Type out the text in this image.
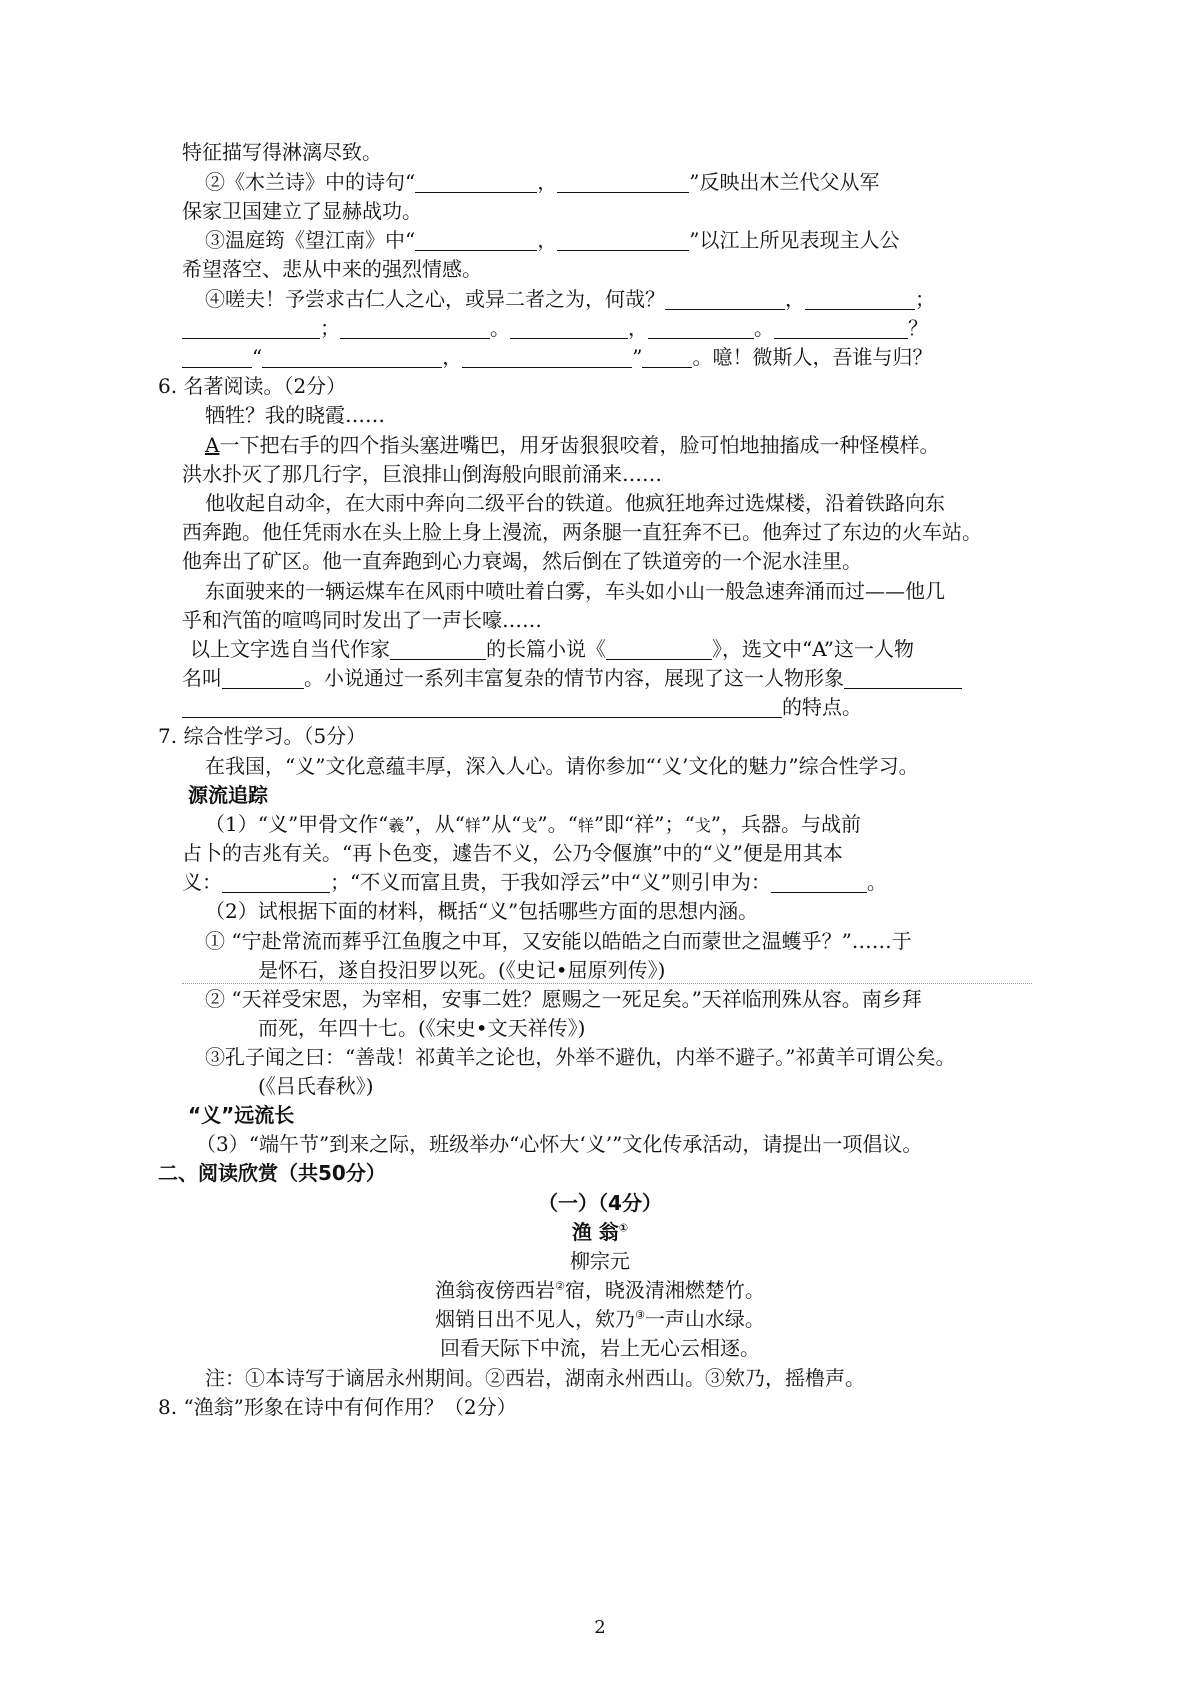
特征描写得淋漓尽致。
②《木兰诗》中的诗句“	，	”反映出木兰代父从军
保家卫国建立了显赫战功。
③温庭筠《望江南》中“	，	”以江上所见表现主人公
希望落空、悲从中来的强烈情感。
④嗟夫！予尝求古仁人之心，或异二者之为，何哉？	，	；
；	。	，	。	？
“	，	”	。噫！微斯人，吾谁与归？
6. 名著阅读。（2分）
牺牲？我的晓霞……
A一下把右手的四个指头塞进嘴巴，用牙齿狠狠咬着，脸可怕地抽搐成一种怪模样。
洪水扑灭了那几行字，巨浪排山倒海般向眼前涌来……
他收起自动伞，在大雨中奔向二级平台的铁道。他疯狂地奔过选煤楼，沿着铁路向东
西奔跑。他任凭雨水在头上脸上身上漫流，两条腿一直狂奔不已。他奔过了东边的火车站。
他奔出了矿区。他一直奔跑到心力衰竭，然后倒在了铁道旁的一个泥水洼里。
东面驶来的一辆运煤车在风雨中喷吐着白雾，车头如小山一般急速奔涌而过——他几
乎和汽笛的喧鸣同时发出了一声长嚎……
以上文字选自当代作家	的长篇小说《	》，选文中“A”这一人物
名叫	。小说通过一系列丰富复杂的情节内容，展现了这一人物形象
的特点。
7. 综合性学习。（5分）
在我国，“义”文化意蕴丰厚，深入人心。请你参加“‘义’文化的魅力”综合性学习。
源流追踪
（1）“义”甲骨文作“羲”，从“䍧”从“戈”。“䍧”即“祥”；“戈”，兵器。与战前
占卜的吉兆有关。“再卜色变，遽告不义，公乃令偃旗”中的“义”便是用其本
义：	；“不义而富且贵，于我如浮云”中“义”则引申为：	。
（2）试根据下面的材料，概括“义”包括哪些方面的思想内涵。
① “宁赴常流而葬乎江鱼腹之中耳，又安能以皓皓之白而蒙世之温蠖乎？”……于
是怀石，遂自投汨罗以死。(《史记•屈原列传》)
② “天祥受宋恩，为宰相，安事二姓？愿赐之一死足矣。”天祥临刑殊从容。南乡拜
而死，年四十七。(《宋史•文天祥传》)
③孔子闻之曰：“善哉！祁黄羊之论也，外举不避仇，内举不避子。”祁黄羊可谓公矣。
(《吕氏春秋》)
“义”远流长
（3）“端午节”到来之际，班级举办“心怀大‘义’”文化传承活动，请提出一项倡议。
二、阅读欣赏（共50分）
（一）（4分）
渔 翁①
柳宗元
渔翁夜傍西岩②宿，晓汲清湘燃楚竹。
烟销日出不见人，欸乃③一声山水绿。
回看天际下中流，岩上无心云相逐。
注：①本诗写于谪居永州期间。②西岩，湖南永州西山。③欸乃，摇橹声。
8. “渔翁”形象在诗中有何作用？（2分）
2
